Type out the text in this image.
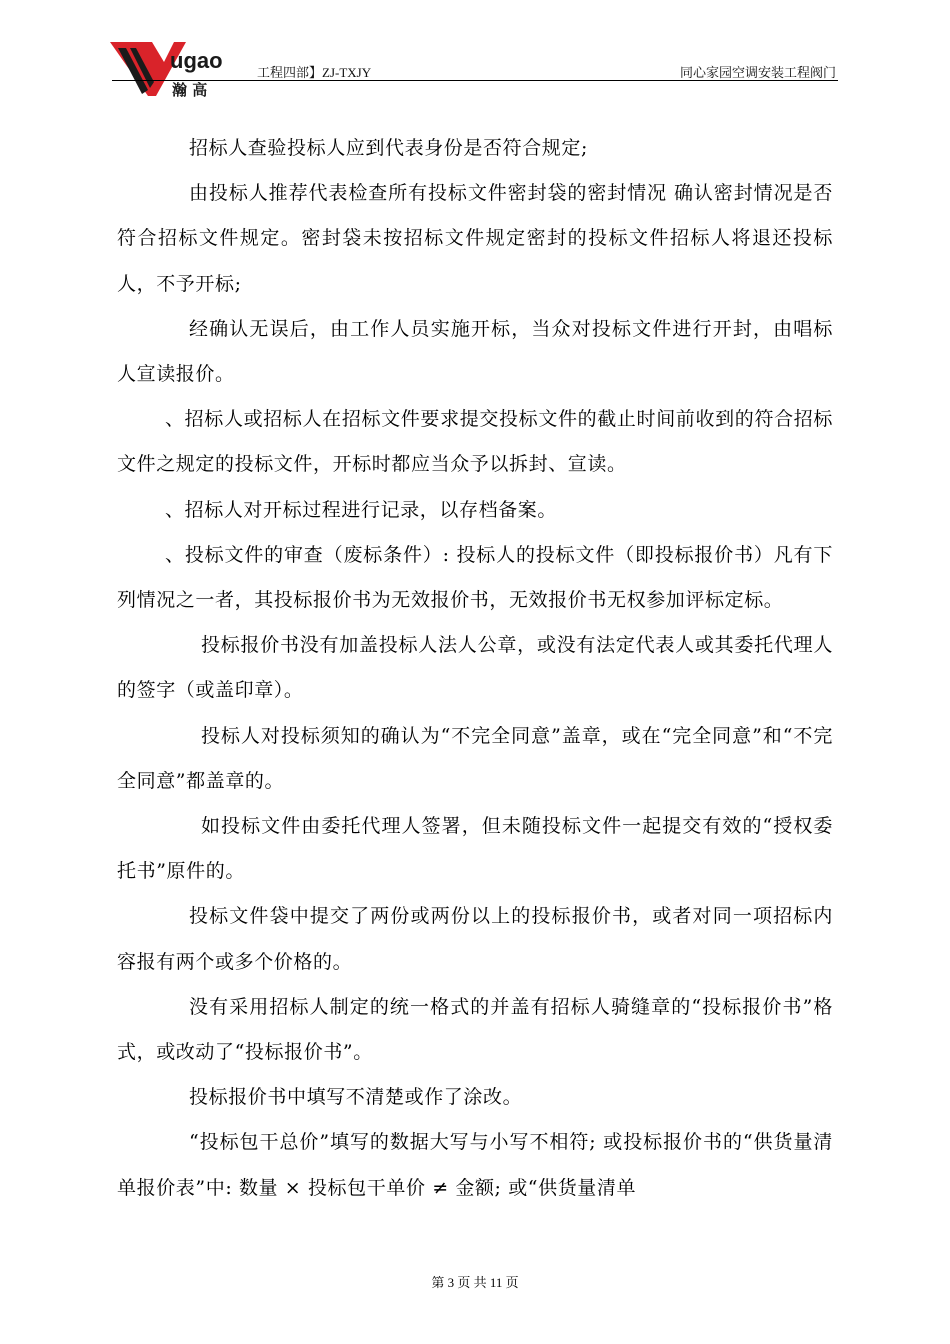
ugao
瀚 高
工程四部】ZJ-TXJY	同心家园空调安装工程阀门

招标人查验投标人应到代表身份是否符合规定;

由投标人推荐代表检查所有投标文件密封袋的密封情况 确认密封情况是否符合招标文件规定。密封袋未按招标文件规定密封的投标文件招标人将退还投标人，不予开标;

经确认无误后，由工作人员实施开标，当众对投标文件进行开封，由唱标人宣读报价。

、招标人或招标人在招标文件要求提交投标文件的截止时间前收到的符合招标文件之规定的投标文件，开标时都应当众予以拆封、宣读。

、招标人对开标过程进行记录，以存档备案。

、投标文件的审查（废标条件）: 投标人的投标文件（即投标报价书）凡有下列情况之一者，其投标报价书为无效报价书，无效报价书无权参加评标定标。

投标报价书没有加盖投标人法人公章，或没有法定代表人或其委托代理人的签字（或盖印章）。

投标人对投标须知的确认为“不完全同意”盖章，或在“完全同意”和“不完全同意”都盖章的。

如投标文件由委托代理人签署，但未随投标文件一起提交有效的“授权委托书”原件的。

投标文件袋中提交了两份或两份以上的投标报价书，或者对同一项招标内容报有两个或多个价格的。

没有采用招标人制定的统一格式的并盖有招标人骑缝章的“投标报价书”格式，或改动了“投标报价书”。

投标报价书中填写不清楚或作了涂改。

“投标包干总价”填写的数据大写与小写不相符; 或投标报价书的“供货量清单报价表”中: 数量 × 投标包干单价 ≠ 金额; 或“供货量清单

第 3 页 共 11 页
